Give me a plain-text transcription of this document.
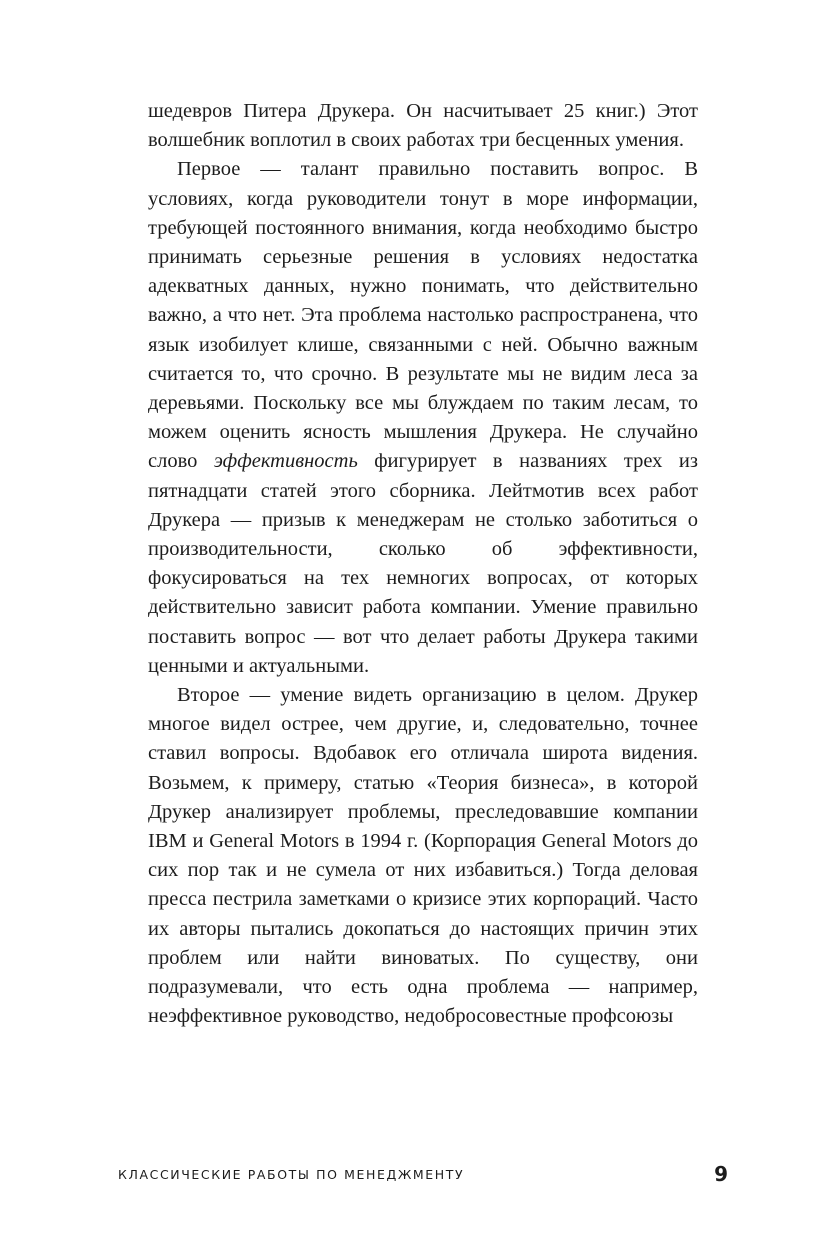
шедевров Питера Друкера. Он насчитывает 25 книг.) Этот волшебник воплотил в своих работах три бесценных умения.

Первое — талант правильно поставить вопрос. В условиях, когда руководители тонут в море информации, требующей постоянного внимания, когда необходимо быстро принимать серьезные решения в условиях недостатка адекватных данных, нужно понимать, что действительно важно, а что нет. Эта проблема настолько распространена, что язык изобилует клише, связанными с ней. Обычно важным считается то, что срочно. В результате мы не видим леса за деревьями. Поскольку все мы блуждаем по таким лесам, то можем оценить ясность мышления Друкера. Не случайно слово эффективность фигурирует в названиях трех из пятнадцати статей этого сборника. Лейтмотив всех работ Друкера — призыв к менеджерам не столько заботиться о производительности, сколько об эффективности, фокусироваться на тех немногих вопросах, от которых действительно зависит работа компании. Умение правильно поставить вопрос — вот что делает работы Друкера такими ценными и актуальными.

Второе — умение видеть организацию в целом. Друкер многое видел острее, чем другие, и, следовательно, точнее ставил вопросы. Вдобавок его отличала широта видения. Возьмем, к примеру, статью «Теория бизнеса», в которой Друкер анализирует проблемы, преследовавшие компании IBM и General Motors в 1994 г. (Корпорация General Motors до сих пор так и не сумела от них избавиться.) Тогда деловая пресса пестрила заметками о кризисе этих корпораций. Часто их авторы пытались докопаться до настоящих причин этих проблем или найти виноватых. По существу, они подразумевали, что есть одна проблема — например, неэффективное руководство, недобросовестные профсоюзы

КЛАССИЧЕСКИЕ РАБОТЫ ПО МЕНЕДЖМЕНТУ	9
